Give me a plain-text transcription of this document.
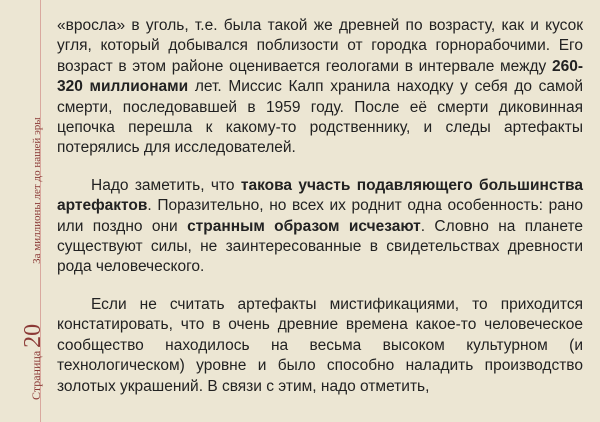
Страница
20
За миллионы лет до нашей эры

«вросла» в уголь, т.е. была такой же древней по возрасту, как и кусок угля, который добывался поблизости от городка горнорабочими. Его возраст в этом районе оценивается геологами в интервале между 260-320 миллионами лет. Миссис Калп хранила находку у себя до самой смерти, последовавшей в 1959 году. После её смерти диковинная цепочка перешла к какому-то родственнику, и следы артефакты потерялись для исследователей.

Надо заметить, что такова участь подавляющего большинства артефактов. Поразительно, но всех их роднит одна особенность: рано или поздно они странным образом исчезают. Словно на планете существуют силы, не заинтересованные в свидетельствах древности рода человеческого.

Если не считать артефакты мистификациями, то приходится констатировать, что в очень древние времена какое-то человеческое сообщество находилось на весьма высоком культурном (и технологическом) уровне и было способно наладить производство золотых украшений. В связи с этим, надо отметить,
